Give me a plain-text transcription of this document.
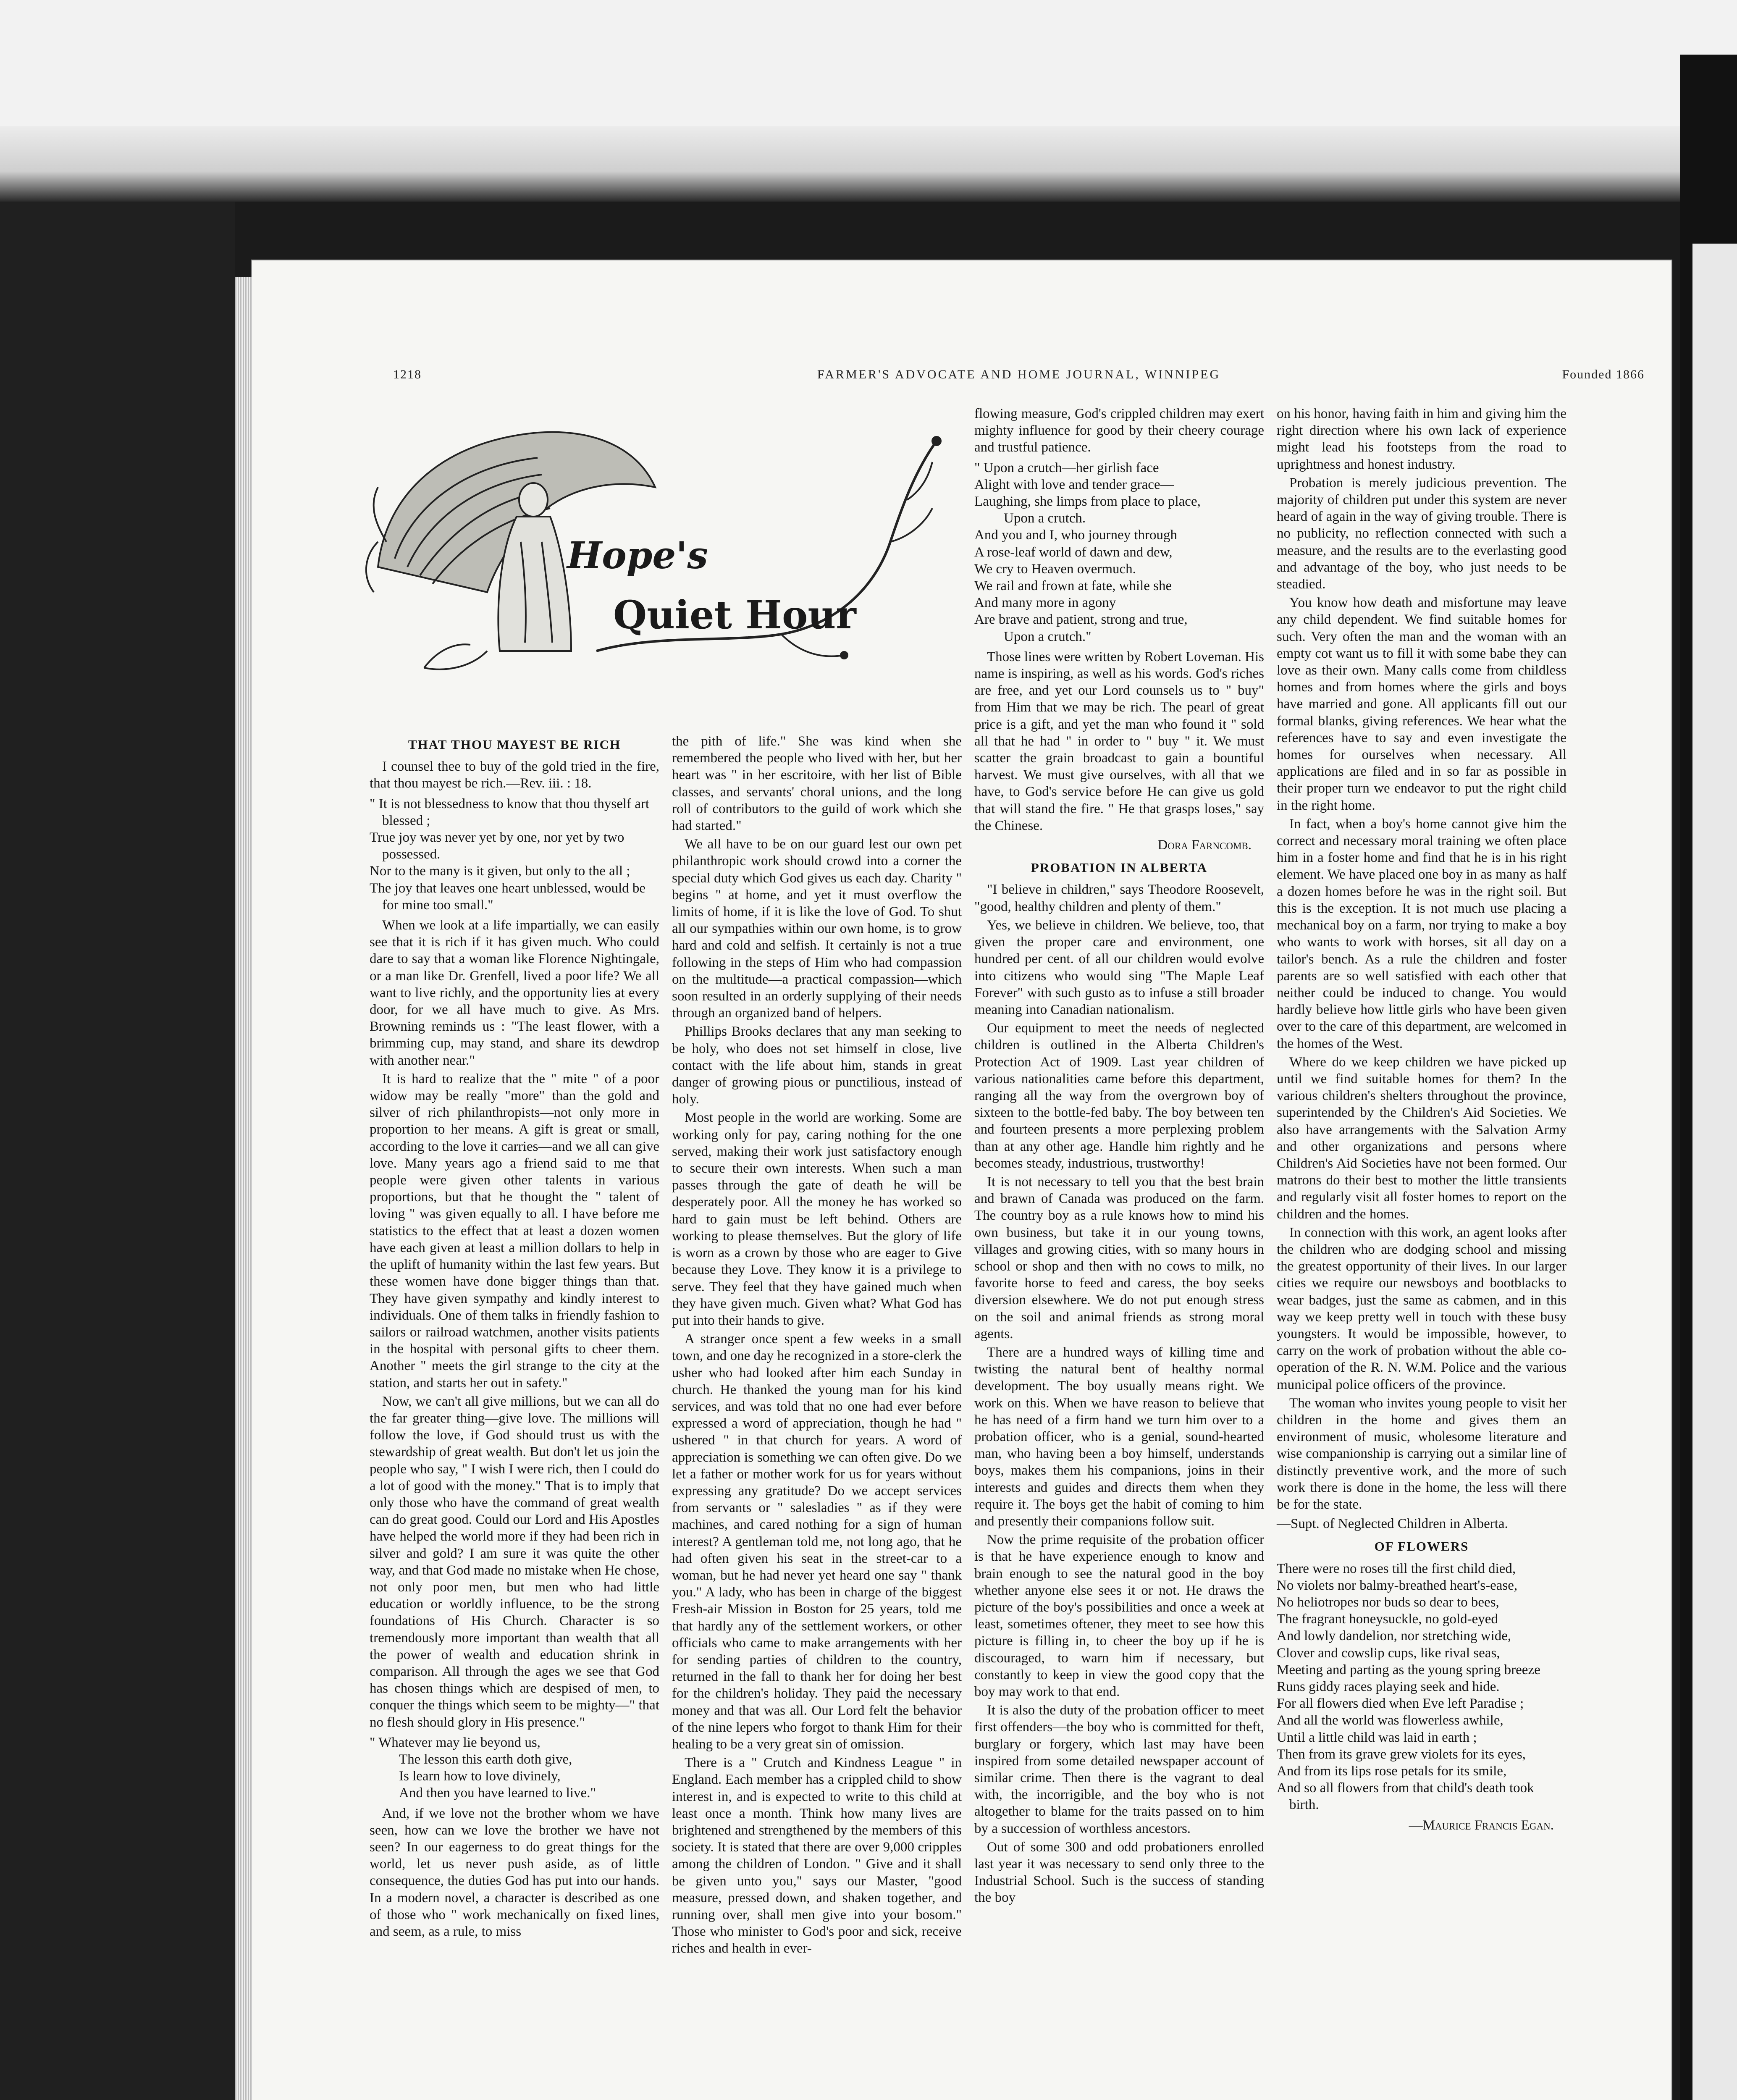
1218	FARMER'S ADVOCATE AND HOME JOURNAL, WINNIPEG	Founded 1866
Hope's
Quiet Hour
THAT THOU MAYEST BE RICH

I counsel thee to buy of the gold tried in the fire, that thou mayest be rich.—Rev. iii. : 18.

" It is not blessedness to know that thou thyself art blessed ;
True joy was never yet by one, nor yet by two possessed.
Nor to the many is it given, but only to the all ;
The joy that leaves one heart unblessed, would be for mine too small."

When we look at a life impartially, we can easily see that it is rich if it has given much. Who could dare to say that a woman like Florence Nightingale, or a man like Dr. Grenfell, lived a poor life? We all want to live richly, and the opportunity lies at every door, for we all have much to give. As Mrs. Browning reminds us : "The least flower, with a brimming cup, may stand, and share its dewdrop with another near."

It is hard to realize that the " mite " of a poor widow may be really "more" than the gold and silver of rich philanthropists—not only more in proportion to her means. A gift is great or small, according to the love it carries—and we all can give love. Many years ago a friend said to me that people were given other talents in various proportions, but that he thought the " talent of loving " was given equally to all. I have before me statistics to the effect that at least a dozen women have each given at least a million dollars to help in the uplift of humanity within the last few years. But these women have done bigger things than that. They have given sympathy and kindly interest to individuals. One of them talks in friendly fashion to sailors or railroad watchmen, another visits patients in the hospital with personal gifts to cheer them. Another " meets the girl strange to the city at the station, and starts her out in safety."

Now, we can't all give millions, but we can all do the far greater thing—give love. The millions will follow the love, if God should trust us with the stewardship of great wealth. But don't let us join the people who say, " I wish I were rich, then I could do a lot of good with the money." That is to imply that only those who have the command of great wealth can do great good. Could our Lord and His Apostles have helped the world more if they had been rich in silver and gold? I am sure it was quite the other way, and that God made no mistake when He chose, not only poor men, but men who had little education or worldly influence, to be the strong foundations of His Church. Character is so tremendously more important than wealth that all the power of wealth and education shrink in comparison. All through the ages we see that God has chosen things which are despised of men, to conquer the things which seem to be mighty—" that no flesh should glory in His presence."

" Whatever may lie beyond us,
The lesson this earth doth give,
Is learn how to love divinely,
And then you have learned to live."

And, if we love not the brother whom we have seen, how can we love the brother we have not seen? In our eagerness to do great things for the world, let us never push aside, as of little consequence, the duties God has put into our hands. In a modern novel, a character is described as one of those who " work mechanically on fixed lines, and seem, as a rule, to miss

the pith of life." She was kind when she remembered the people who lived with her, but her heart was " in her escritoire, with her list of Bible classes, and servants' choral unions, and the long roll of contributors to the guild of work which she had started."

We all have to be on our guard lest our own pet philanthropic work should crowd into a corner the special duty which God gives us each day. Charity " begins " at home, and yet it must overflow the limits of home, if it is like the love of God. To shut all our sympathies within our own home, is to grow hard and cold and selfish. It certainly is not a true following in the steps of Him who had compassion on the multitude—a practical compassion—which soon resulted in an orderly supplying of their needs through an organized band of helpers.

Phillips Brooks declares that any man seeking to be holy, who does not set himself in close, live contact with the life about him, stands in great danger of growing pious or punctilious, instead of holy.

Most people in the world are working. Some are working only for pay, caring nothing for the one served, making their work just satisfactory enough to secure their own interests. When such a man passes through the gate of death he will be desperately poor. All the money he has worked so hard to gain must be left behind. Others are working to please themselves. But the glory of life is worn as a crown by those who are eager to Give because they Love. They know it is a privilege to serve. They feel that they have gained much when they have given much. Given what? What God has put into their hands to give.

A stranger once spent a few weeks in a small town, and one day he recognized in a store-clerk the usher who had looked after him each Sunday in church. He thanked the young man for his kind services, and was told that no one had ever before expressed a word of appreciation, though he had " ushered " in that church for years. A word of appreciation is something we can often give. Do we let a father or mother work for us for years without expressing any gratitude? Do we accept services from servants or " salesladies " as if they were machines, and cared nothing for a sign of human interest? A gentleman told me, not long ago, that he had often given his seat in the street-car to a woman, but he had never yet heard one say " thank you." A lady, who has been in charge of the biggest Fresh-air Mission in Boston for 25 years, told me that hardly any of the settlement workers, or other officials who came to make arrangements with her for sending parties of children to the country, returned in the fall to thank her for doing her best for the children's holiday. They paid the necessary money and that was all. Our Lord felt the behavior of the nine lepers who forgot to thank Him for their healing to be a very great sin of omission.

There is a " Crutch and Kindness League " in England. Each member has a crippled child to show interest in, and is expected to write to this child at least once a month. Think how many lives are brightened and strengthened by the members of this society. It is stated that there are over 9,000 cripples among the children of London. " Give and it shall be given unto you," says our Master, "good measure, pressed down, and shaken together, and running over, shall men give into your bosom." Those who minister to God's poor and sick, receive riches and health in ever-

flowing measure, God's crippled children may exert mighty influence for good by their cheery courage and trustful patience.

" Upon a crutch—her girlish face
Alight with love and tender grace—
Laughing, she limps from place to place,
Upon a crutch.
And you and I, who journey through
A rose-leaf world of dawn and dew,
We cry to Heaven overmuch.
We rail and frown at fate, while she
And many more in agony
Are brave and patient, strong and true,
Upon a crutch."

Those lines were written by Robert Loveman. His name is inspiring, as well as his words. God's riches are free, and yet our Lord counsels us to " buy" from Him that we may be rich. The pearl of great price is a gift, and yet the man who found it " sold all that he had " in order to " buy " it. We must scatter the grain broadcast to gain a bountiful harvest. We must give ourselves, with all that we have, to God's service before He can give us gold that will stand the fire. " He that grasps loses," say the Chinese.

Dora Farncomb.
PROBATION IN ALBERTA

"I believe in children," says Theodore Roosevelt, "good, healthy children and plenty of them."

Yes, we believe in children. We believe, too, that given the proper care and environment, one hundred per cent. of all our children would evolve into citizens who would sing "The Maple Leaf Forever" with such gusto as to infuse a still broader meaning into Canadian nationalism.

Our equipment to meet the needs of neglected children is outlined in the Alberta Children's Protection Act of 1909. Last year children of various nationalities came before this department, ranging all the way from the overgrown boy of sixteen to the bottle-fed baby. The boy between ten and fourteen presents a more perplexing problem than at any other age. Handle him rightly and he becomes steady, industrious, trustworthy!

It is not necessary to tell you that the best brain and brawn of Canada was produced on the farm. The country boy as a rule knows how to mind his own business, but take it in our young towns, villages and growing cities, with so many hours in school or shop and then with no cows to milk, no favorite horse to feed and caress, the boy seeks diversion elsewhere. We do not put enough stress on the soil and animal friends as strong moral agents.

There are a hundred ways of killing time and twisting the natural bent of healthy normal development. The boy usually means right. We work on this. When we have reason to believe that he has need of a firm hand we turn him over to a probation officer, who is a genial, sound-hearted man, who having been a boy himself, understands boys, makes them his companions, joins in their interests and guides and directs them when they require it. The boys get the habit of coming to him and presently their companions follow suit.

Now the prime requisite of the probation officer is that he have experience enough to know and brain enough to see the natural good in the boy whether anyone else sees it or not. He draws the picture of the boy's possibilities and once a week at least, sometimes oftener, they meet to see how this picture is filling in, to cheer the boy up if he is discouraged, to warn him if necessary, but constantly to keep in view the good copy that the boy may work to that end.

It is also the duty of the probation officer to meet first offenders—the boy who is committed for theft, burglary or forgery, which last may have been inspired from some detailed newspaper account of similar crime. Then there is the vagrant to deal with, the incorrigible, and the boy who is not altogether to blame for the traits passed on to him by a succession of worthless ancestors.

Out of some 300 and odd probationers enrolled last year it was necessary to send only three to the Industrial School. Such is the success of standing the boy

on his honor, having faith in him and giving him the right direction where his own lack of experience might lead his footsteps from the road to uprightness and honest industry.

Probation is merely judicious prevention. The majority of children put under this system are never heard of again in the way of giving trouble. There is no publicity, no reflection connected with such a measure, and the results are to the everlasting good and advantage of the boy, who just needs to be steadied.

You know how death and misfortune may leave any child dependent. We find suitable homes for such. Very often the man and the woman with an empty cot want us to fill it with some babe they can love as their own. Many calls come from childless homes and from homes where the girls and boys have married and gone. All applicants fill out our formal blanks, giving references. We hear what the references have to say and even investigate the homes for ourselves when necessary. All applications are filed and in so far as possible in their proper turn we endeavor to put the right child in the right home.

In fact, when a boy's home cannot give him the correct and necessary moral training we often place him in a foster home and find that he is in his right element. We have placed one boy in as many as half a dozen homes before he was in the right soil. But this is the exception. It is not much use placing a mechanical boy on a farm, nor trying to make a boy who wants to work with horses, sit all day on a tailor's bench. As a rule the children and foster parents are so well satisfied with each other that neither could be induced to change. You would hardly believe how little girls who have been given over to the care of this department, are welcomed in the homes of the West.

Where do we keep children we have picked up until we find suitable homes for them? In the various children's shelters throughout the province, superintended by the Children's Aid Societies. We also have arrangements with the Salvation Army and other organizations and persons where Children's Aid Societies have not been formed. Our matrons do their best to mother the little transients and regularly visit all foster homes to report on the children and the homes.

In connection with this work, an agent looks after the children who are dodging school and missing the greatest opportunity of their lives. In our larger cities we require our newsboys and bootblacks to wear badges, just the same as cabmen, and in this way we keep pretty well in touch with these busy youngsters. It would be impossible, however, to carry on the work of probation without the able co-operation of the R. N. W.M. Police and the various municipal police officers of the province.

The woman who invites young people to visit her children in the home and gives them an environment of music, wholesome literature and wise companionship is carrying out a similar line of distinctly preventive work, and the more of such work there is done in the home, the less will there be for the state.

—Supt. of Neglected Children in Alberta.
OF FLOWERS
There were no roses till the first child died,
No violets nor balmy-breathed heart's-ease,
No heliotropes nor buds so dear to bees,
The fragrant honeysuckle, no gold-eyed
And lowly dandelion, nor stretching wide,
Clover and cowslip cups, like rival seas,
Meeting and parting as the young spring breeze
Runs giddy races playing seek and hide.
For all flowers died when Eve left Paradise ;
And all the world was flowerless awhile,
Until a little child was laid in earth ;
Then from its grave grew violets for its eyes,
And from its lips rose petals for its smile,
And so all flowers from that child's death took birth.
—Maurice Francis Egan.
